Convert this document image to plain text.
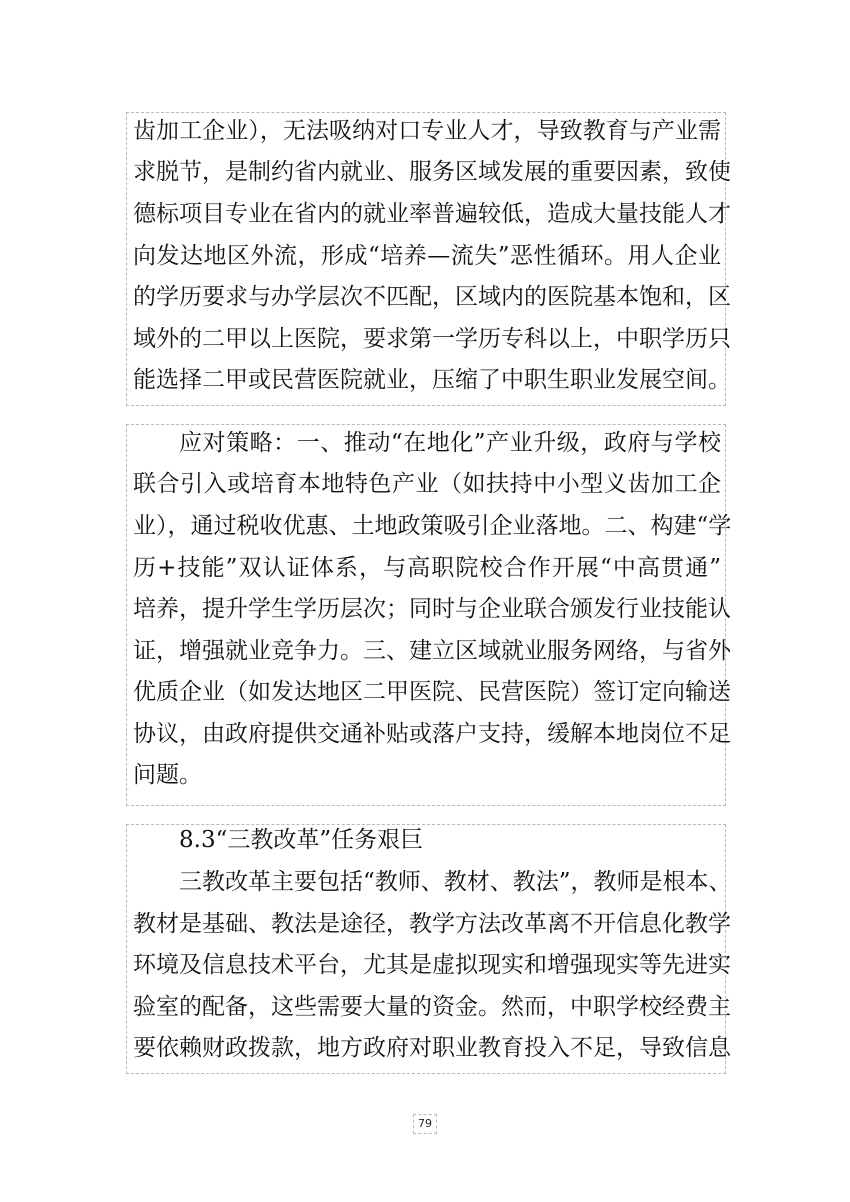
齿加工企业），无法吸纳对口专业人才，导致教育与产业需
求脱节，是制约省内就业、服务区域发展的重要因素，致使
德标项目专业在省内的就业率普遍较低，造成大量技能人才
向发达地区外流，形成“培养—流失”恶性循环。用人企业
的学历要求与办学层次不匹配，区域内的医院基本饱和，区
域外的二甲以上医院，要求第一学历专科以上，中职学历只
能选择二甲或民营医院就业，压缩了中职生职业发展空间。
应对策略：一、推动“在地化”产业升级，政府与学校
联合引入或培育本地特色产业（如扶持中小型义齿加工企
业），通过税收优惠、土地政策吸引企业落地。二、构建“学
历+技能”双认证体系，与高职院校合作开展“中高贯通”
培养，提升学生学历层次；同时与企业联合颁发行业技能认
证，增强就业竞争力。三、建立区域就业服务网络，与省外
优质企业（如发达地区二甲医院、民营医院）签订定向输送
协议，由政府提供交通补贴或落户支持，缓解本地岗位不足
问题。
8.3“三教改革”任务艰巨
三教改革主要包括“教师、教材、教法”，教师是根本、
教材是基础、教法是途径，教学方法改革离不开信息化教学
环境及信息技术平台，尤其是虚拟现实和增强现实等先进实
验室的配备，这些需要大量的资金。然而，中职学校经费主
要依赖财政拨款，地方政府对职业教育投入不足，导致信息
79
